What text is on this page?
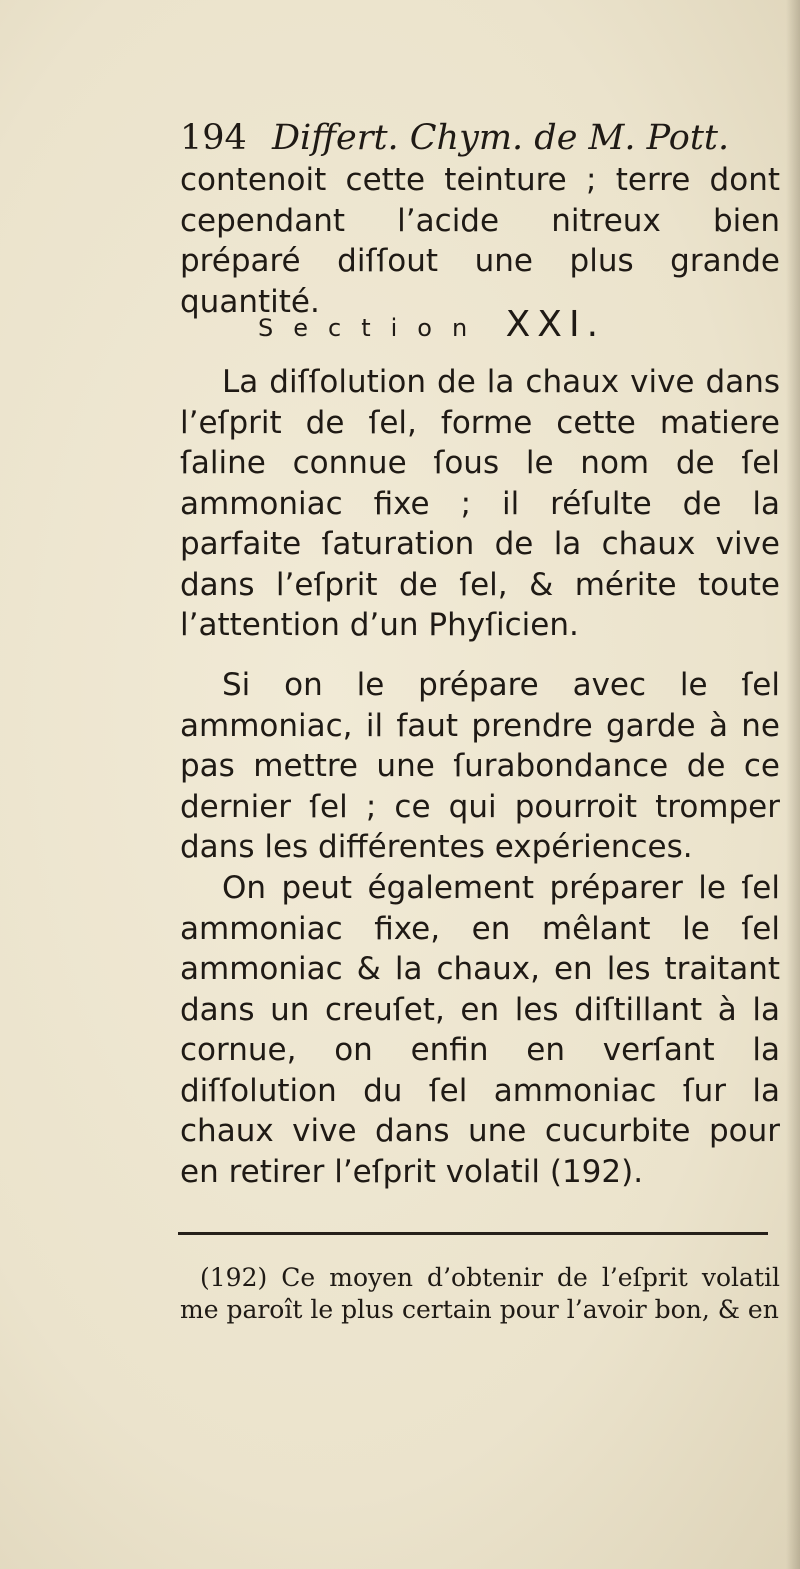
194 Differt. Chym. de M. Pott.
contenoit cette teinture ; terre dont cependant l’acide nitreux bien préparé diſſout une plus grande quantité.
Section XXI.
La diſſolution de la chaux vive dans l’eſprit de ſel, forme cette matiere ſaline connue ſous le nom de ſel ammoniac fixe ; il réſulte de la parfaite ſaturation de la chaux vive dans l’eſprit de ſel, & mérite toute l’attention d’un Phyſicien.
Si on le prépare avec le ſel ammoniac, il faut prendre garde à ne pas mettre une ſurabondance de ce dernier ſel ; ce qui pourroit tromper dans les différentes expériences.
On peut également préparer le ſel ammoniac fixe, en mêlant le ſel ammoniac & la chaux, en les traitant dans un creuſet, en les diſtillant à la cornue, on enfin en verſant la diſſolution du ſel ammoniac ſur la chaux vive dans une cucurbite pour en retirer l’eſprit volatil (192).
(192) Ce moyen d’obtenir de l’eſprit volatil me paroît le plus certain pour l’avoir bon, & en
